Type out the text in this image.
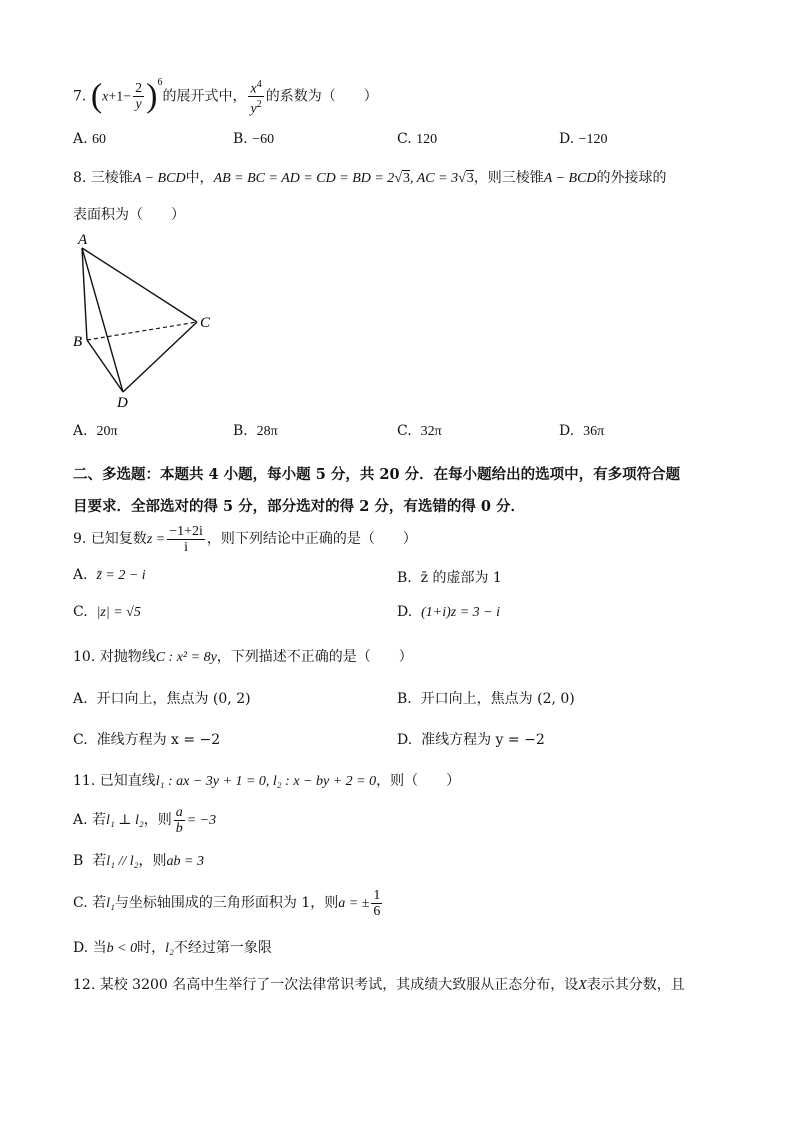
7. $(x+1- \frac{2}{y} )^6$的展开式中， $\frac{x^4}{y^2}$ 的系数为（　　）
A. 60	B. −60	C. 120	D. −120
8. 三棱锥A − BCD中，AB = BC = AD = CD = BD = 2√3, AC = 3√3，则三棱锥A − BCD的外接球的
表面积为（　　）
A
B
C
D
A. 20π	B. 28π	C. 32π	D. 36π
二、多选题：本题共 4 小题，每小题 5 分，共 20 分．在每小题给出的选项中，有多项符合题
目要求．全部选对的得 5 分，部分选对的得 2 分，有选错的得 0 分．
9. 已知复数$z = \frac{-1+2i}{i}$ ，则下列结论中正确的是（　　）
A. z̄ = 2 − i	B. z̄ 的虚部为 1
C. |z| = √5	D. (1+i)z = 3 − i
10. 对抛物线C : x² = 8y，下列描述不正确的是（　　）
A. 开口向上，焦点为 (0, 2)	B. 开口向上，焦点为 (2, 0)
C. 准线方程为 x = −2	D. 准线方程为 y = −2
11. 已知直线l₁ : ax − 3y + 1 = 0, l₂ : x − by + 2 = 0，则（　　）
A. 若l₁ ⊥ l₂，则 $\frac{a}{b} = -3$
B 若l₁ // l₂，则ab = 3
C. 若l₁与坐标轴围成的三角形面积为 1，则a = ± $\frac{1}{6}$
D. 当b < 0时，l₂不经过第一象限
12. 某校 3200 名高中生举行了一次法律常识考试，其成绩大致服从正态分布，设X表示其分数，且
